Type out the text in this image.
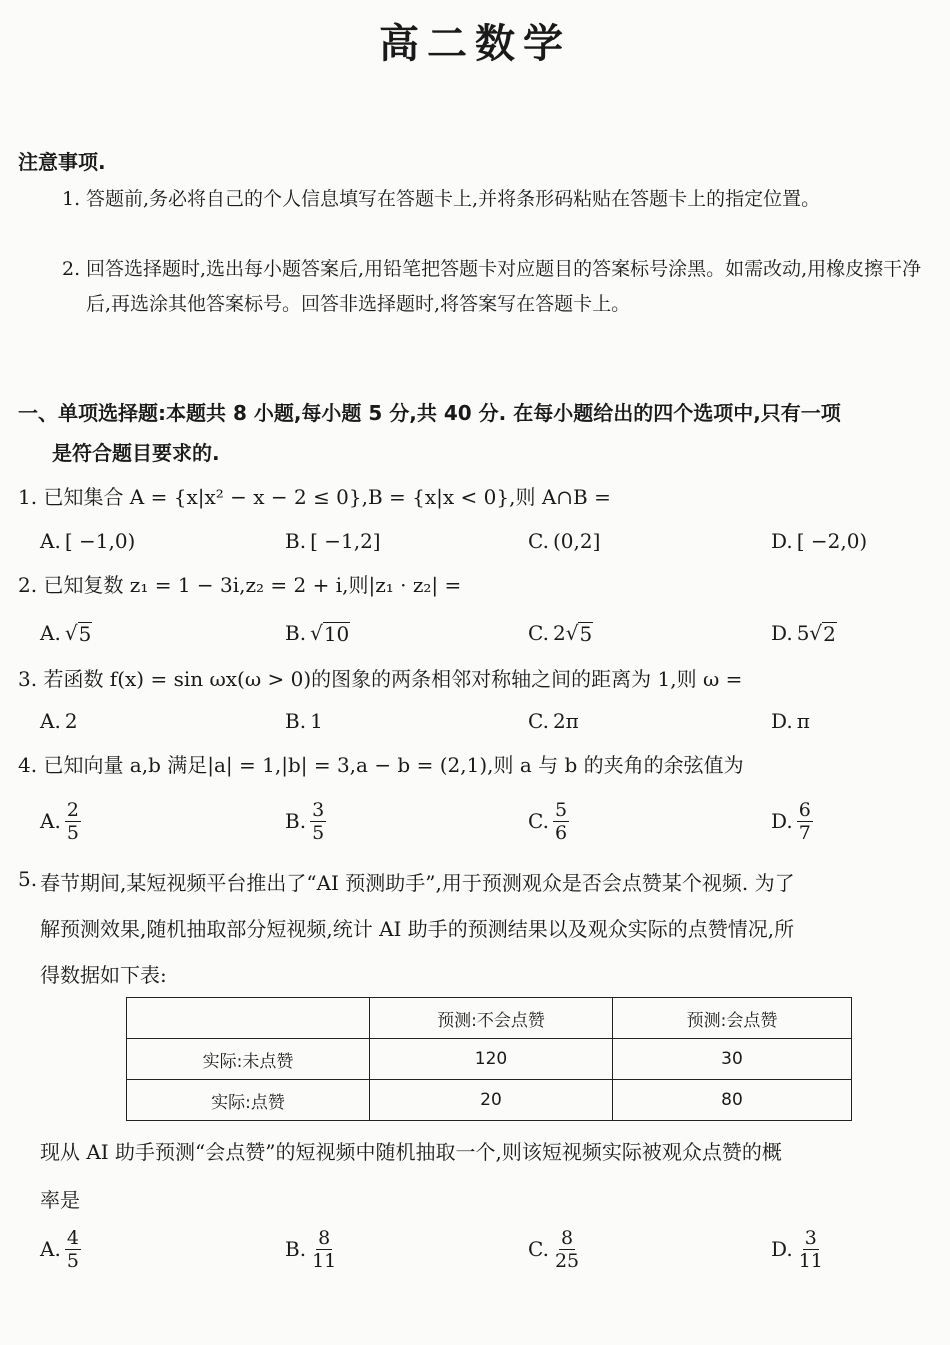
高二数学
注意事项.
1. 答题前,务必将自己的个人信息填写在答题卡上,并将条形码粘贴在答题卡上的指定位置。
2. 回答选择题时,选出每小题答案后,用铅笔把答题卡对应题目的答案标号涂黑。如需改动,用橡皮擦干净后,再选涂其他答案标号。回答非选择题时,将答案写在答题卡上。
一、单项选择题:本题共 8 小题,每小题 5 分,共 40 分. 在每小题给出的四个选项中,只有一项
是符合题目要求的.
1. 已知集合 A = {x|x² − x − 2 ≤ 0},B = {x|x < 0},则 A∩B =
A. [ −1,0)	B. [ −1,2]	C. (0,2]	D. [ −2,0)
2. 已知复数 z₁ = 1 − 3i,z₂ = 2 + i,则|z₁ · z₂| =
A. √ 5	B. √ 10	C. 2 √ 5	D. 5 √ 2
3. 若函数 f(x) = sin ωx(ω > 0)的图象的两条相邻对称轴之间的距离为 1,则 ω =
A. 2	B. 1	C. 2π	D. π
4. 已知向量 a,b 满足|a| = 1,|b| = 3,a − b = (2,1),则 a 与 b 的夹角的余弦值为
A. $\frac{2}{5}$	B. $\frac{3}{5}$	C. $\frac{5}{6}$	D. $\frac{6}{7}$
5. 春节期间,某短视频平台推出了“AI 预测助手”,用于预测观众是否会点赞某个视频. 为了
解预测效果,随机抽取部分短视频,统计 AI 助手的预测结果以及观众实际的点赞情况,所
得数据如下表:
	预测:不会点赞	预测:会点赞
实际:未点赞	120	30
实际:点赞	20	80
现从 AI 助手预测“会点赞”的短视频中随机抽取一个,则该短视频实际被观众点赞的概
率是
A. $\frac{4}{5}$	B. $\frac{8}{11}$	C. $\frac{8}{25}$	D. $\frac{3}{11}$
